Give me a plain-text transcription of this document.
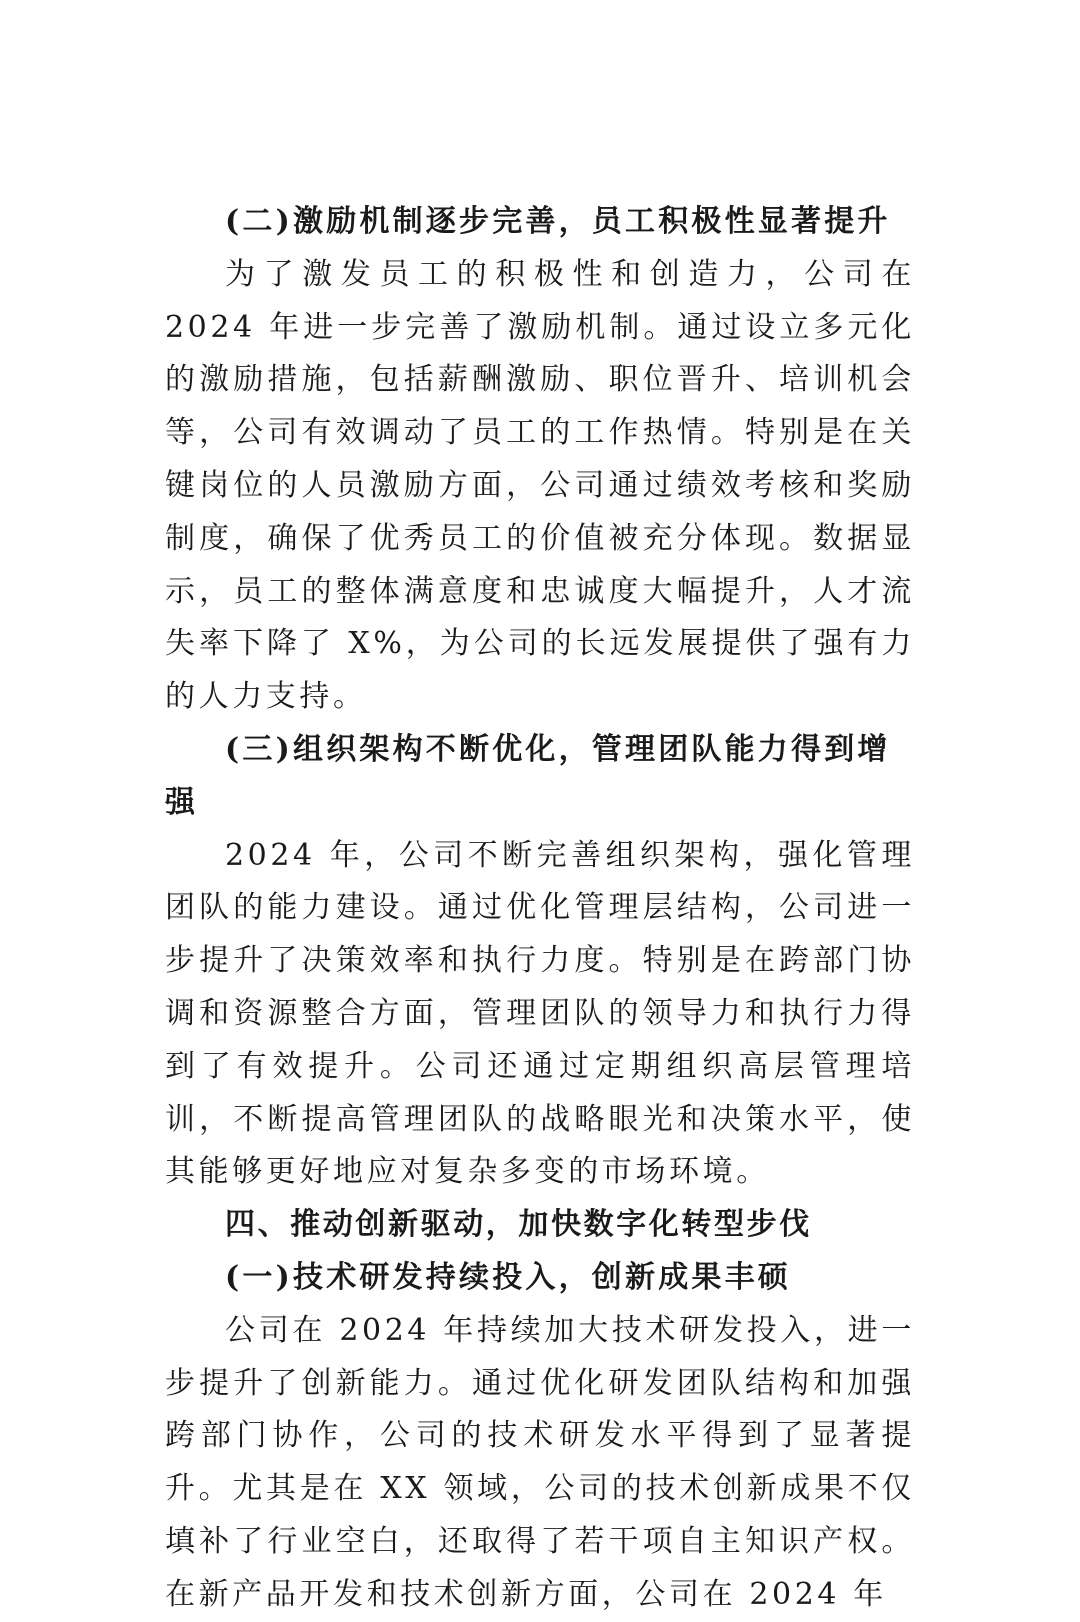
(二)激励机制逐步完善，员工积极性显著提升

为了激发员工的积极性和创造力，公司在 2024 年进一步完善了激励机制。通过设立多元化的激励措施，包括薪酬激励、职位晋升、培训机会等，公司有效调动了员工的工作热情。特别是在关键岗位的人员激励方面，公司通过绩效考核和奖励制度，确保了优秀员工的价值被充分体现。数据显示，员工的整体满意度和忠诚度大幅提升，人才流失率下降了 X%，为公司的长远发展提供了强有力的人力支持。

(三)组织架构不断优化，管理团队能力得到增强

2024 年，公司不断完善组织架构，强化管理团队的能力建设。通过优化管理层结构，公司进一步提升了决策效率和执行力度。特别是在跨部门协调和资源整合方面，管理团队的领导力和执行力得到了有效提升。公司还通过定期组织高层管理培训，不断提高管理团队的战略眼光和决策水平，使其能够更好地应对复杂多变的市场环境。

四、推动创新驱动，加快数字化转型步伐
(一)技术研发持续投入，创新成果丰硕

公司在 2024 年持续加大技术研发投入，进一步提升了创新能力。通过优化研发团队结构和加强跨部门协作，公司的技术研发水平得到了显著提升。尤其是在 XX 领域，公司的技术创新成果不仅填补了行业空白，还取得了若干项自主知识产权。在新产品开发和技术创新方面，公司在 2024 年
